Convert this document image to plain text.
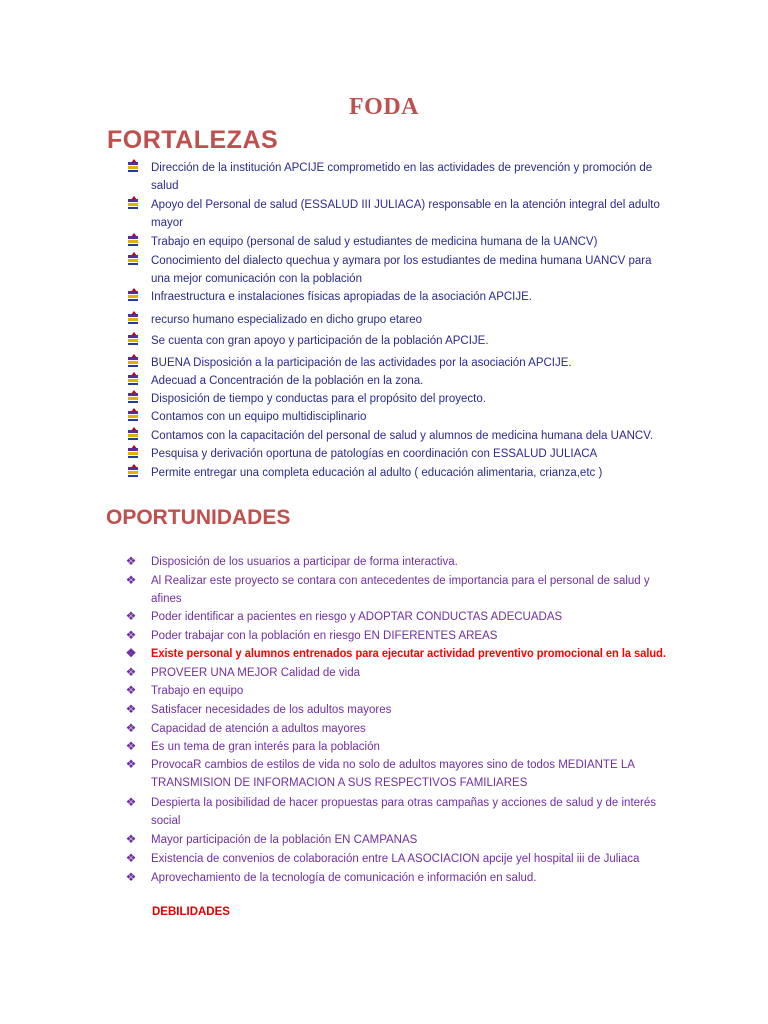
FODA
FORTALEZAS
Dirección de la institución APCIJE comprometido en las actividades de prevención y promoción de
salud
Apoyo del Personal de salud (ESSALUD III JULIACA) responsable en la atención integral del adulto
mayor
Trabajo en equipo (personal de salud y estudiantes de medicina humana de la UANCV)
Conocimiento del dialecto quechua y aymara por los estudiantes de medina humana UANCV para
una mejor comunicación con la población
Infraestructura e instalaciones físicas apropiadas de la asociación APCIJE.
recurso humano especializado en dicho grupo etareo
Se cuenta con gran apoyo y participación de la población APCIJE.
BUENA Disposición a la participación de las actividades por la asociación APCIJE.
Adecuad a Concentración de la población en la zona.
Disposición de tiempo y conductas para el propósito del proyecto.
Contamos con un equipo multidisciplinario
Contamos con la capacitación del personal de salud y alumnos de medicina humana dela UANCV.
Pesquisa y derivación oportuna de patologías en coordinación con ESSALUD JULIACA
Permite entregar una completa educación al adulto ( educación alimentaria, crianza,etc )
OPORTUNIDADES
❖ Disposición de los usuarios a participar de forma interactiva.
❖ Al Realizar este proyecto se contara con antecedentes de importancia para el personal de salud y
afines
❖ Poder identificar a pacientes en riesgo y ADOPTAR CONDUCTAS ADECUADAS
❖ Poder trabajar con la población en riesgo EN DIFERENTES AREAS
❖ Existe personal y alumnos entrenados para ejecutar actividad preventivo promocional en la salud.
❖ PROVEER UNA MEJOR Calidad de vida
❖ Trabajo en equipo
❖ Satisfacer necesidades de los adultos mayores
❖ Capacidad de atención a adultos mayores
❖ Es un tema de gran interés para la población
❖ ProvocaR cambios de estilos de vida no solo de adultos mayores sino de todos MEDIANTE LA
TRANSMISION DE INFORMACION A SUS RESPECTIVOS FAMILIARES
❖ Despierta la posibilidad de hacer propuestas para otras campañas y acciones de salud y de interés
social
❖ Mayor participación de la población EN CAMPANAS
❖ Existencia de convenios de colaboración entre LA ASOCIACION apcije yel hospital iii de Juliaca
❖ Aprovechamiento de la tecnología de comunicación e información en salud.
DEBILIDADES
